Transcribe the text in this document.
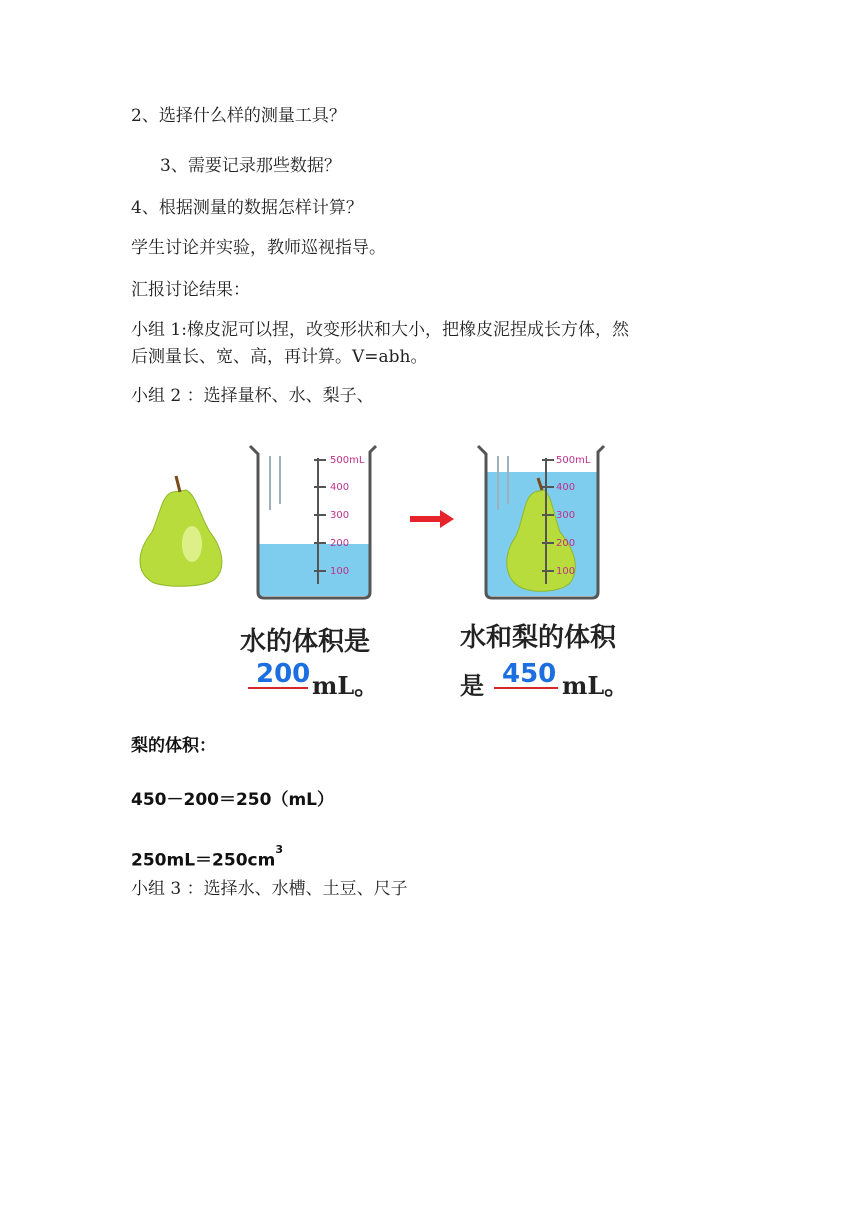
2、选择什么样的测量工具？
3、需要记录那些数据？
4、根据测量的数据怎样计算？
学生讨论并实验，教师巡视指导。
汇报讨论结果：
小组 1:橡皮泥可以捏，改变形状和大小，把橡皮泥捏成长方体，然
后测量长、宽、高，再计算。V=abh。
小组 2 ：选择量杯、水、梨子、
500mL
400
300
200
100
500mL
400
300
200
100
水的体积是
200 mL。
水和梨的体积
是 450 mL。
梨的体积：
450－200＝250（mL）
$250mL=250cm^3$
小组 3 ：选择水、水槽、土豆、尺子
